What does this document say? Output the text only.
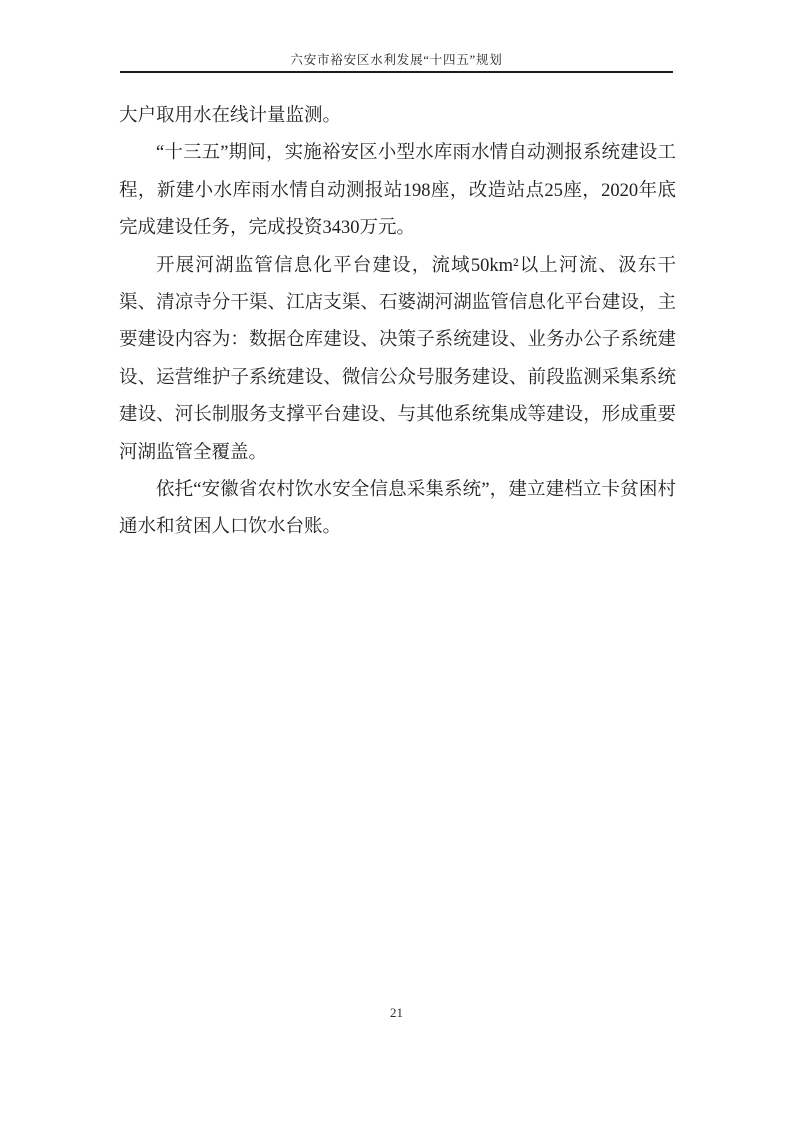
六安市裕安区水利发展“十四五”规划

大户取用水在线计量监测。

“十三五”期间，实施裕安区小型水库雨水情自动测报系统建设工程，新建小水库雨水情自动测报站198座，改造站点25座，2020年底完成建设任务，完成投资3430万元。

开展河湖监管信息化平台建设，流域50km²以上河流、汲东干渠、清凉寺分干渠、江店支渠、石婆湖河湖监管信息化平台建设，主要建设内容为：数据仓库建设、决策子系统建设、业务办公子系统建设、运营维护子系统建设、微信公众号服务建设、前段监测采集系统建设、河长制服务支撑平台建设、与其他系统集成等建设，形成重要河湖监管全覆盖。

依托“安徽省农村饮水安全信息采集系统”，建立建档立卡贫困村通水和贫困人口饮水台账。

21
